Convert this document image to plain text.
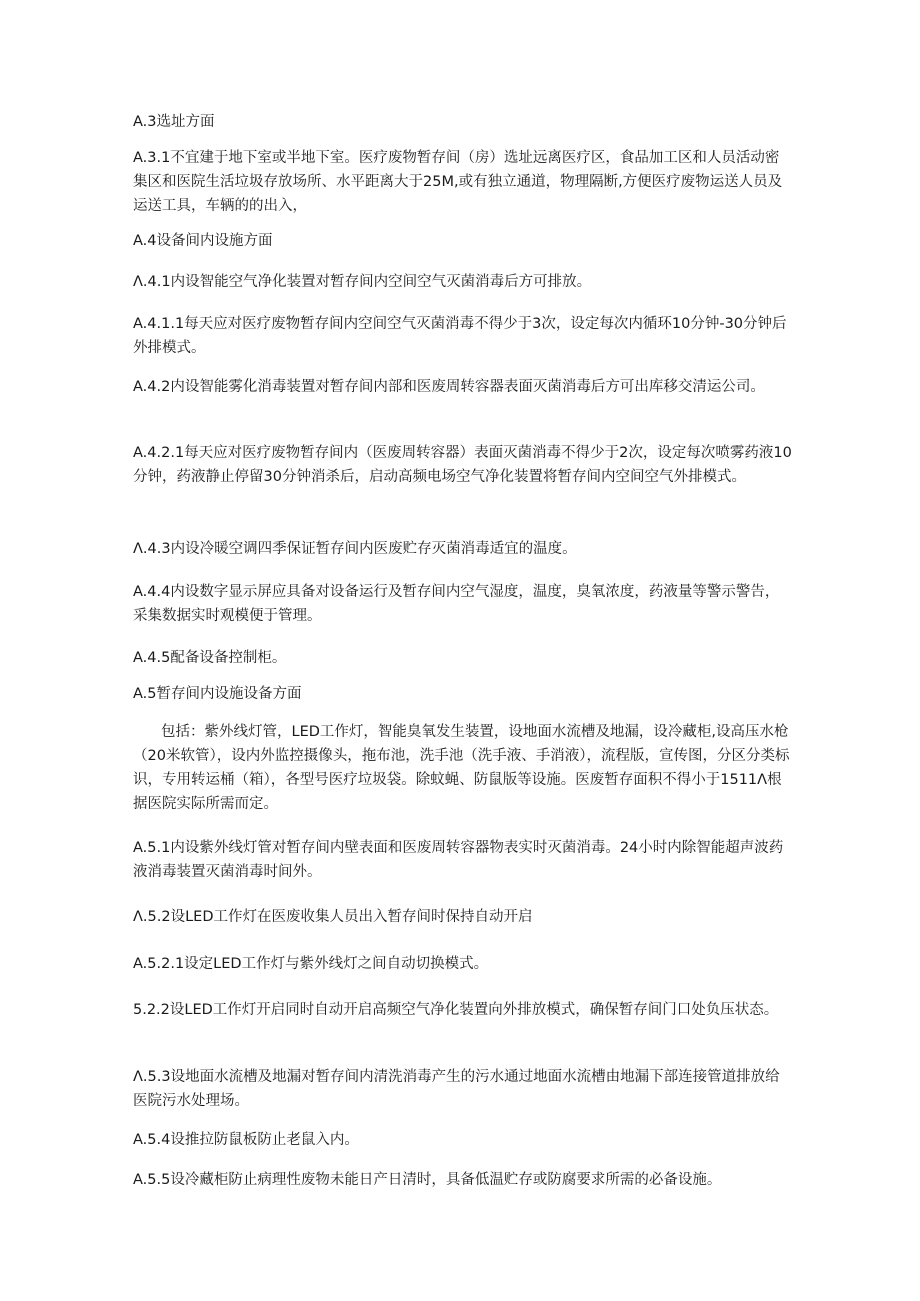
A.3选址方面

A.3.1不宜建于地下室或半地下室。医疗废物暂存间（房）选址远离医疗区，食品加工区和人员活动密集区和医院生活垃圾存放场所、水平距离大于25M,或有独立通道，物理隔断,方便医疗废物运送人员及运送工具，车辆的的出入，

A.4设备间内设施方面

Λ.4.1内设智能空气净化装置对暂存间内空间空气灭菌消毒后方可排放。

A.4.1.1每天应对医疗废物暂存间内空间空气灭菌消毒不得少于3次，设定每次内循环10分钟-30分钟后外排模式。

A.4.2内设智能雾化消毒装置对暂存间内部和医废周转容器表面灭菌消毒后方可出库移交清运公司。

A.4.2.1每天应对医疗废物暂存间内（医废周转容器）表面灭菌消毒不得少于2次，设定每次喷雾药液10分钟，药液静止停留30分钟消杀后，启动高频电场空气净化装置将暂存间内空间空气外排模式。

Λ.4.3内设冷暖空调四季保证暂存间内医废贮存灭菌消毒适宜的温度。

A.4.4内设数字显示屏应具备对设备运行及暂存间内空气湿度，温度，臭氧浓度，药液量等警示警告，采集数据实时观模便于管理。

A.4.5配备设备控制柜。

A.5暂存间内设施设备方面

包括：紫外线灯管，LED工作灯，智能臭氧发生装置，设地面水流槽及地漏，设冷藏柜,设高压水枪（20米软管），设内外监控摄像头，拖布池，洗手池（洗手液、手消液），流程版，宣传图，分区分类标识，专用转运桶（箱），各型号医疗垃圾袋。除蚊蝇、防鼠版等设施。医废暂存面积不得小于1511Λ根据医院实际所需而定。

A.5.1内设紫外线灯管对暂存间内壁表面和医废周转容器物表实时灭菌消毒。24小时内除智能超声波药液消毒装置灭菌消毒时间外。

Λ.5.2设LED工作灯在医废收集人员出入暂存间时保持自动开启

A.5.2.1设定LED工作灯与紫外线灯之间自动切换模式。

5.2.2设LED工作灯开启同时自动开启高频空气净化装置向外排放模式，确保暂存间门口处负压状态。

Λ.5.3设地面水流槽及地漏对暂存间内清洗消毒产生的污水通过地面水流槽由地漏下部连接管道排放给医院污水处理场。

A.5.4设推拉防鼠板防止老鼠入内。

A.5.5设冷藏柜防止病理性废物未能日产日清时，具备低温贮存或防腐要求所需的必备设施。
